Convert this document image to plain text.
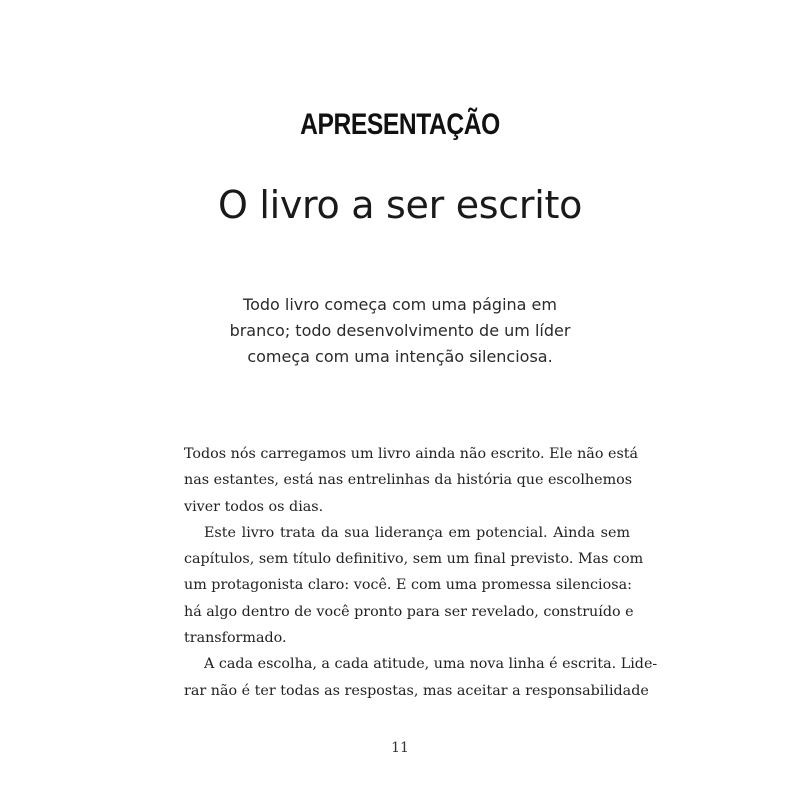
APRESENTAÇÃO
O livro a ser escrito
Todo livro começa com uma página em
branco; todo desenvolvimento de um líder
começa com uma intenção silenciosa.
Todos nós carregamos um livro ainda não escrito. Ele não está
nas estantes, está nas entrelinhas da história que escolhemos
viver todos os dias.
Este livro trata da sua liderança em potencial. Ainda sem
capítulos, sem título definitivo, sem um final previsto. Mas com
um protagonista claro: você. E com uma promessa silenciosa:
há algo dentro de você pronto para ser revelado, construído e
transformado.
A cada escolha, a cada atitude, uma nova linha é escrita. Lide-
rar não é ter todas as respostas, mas aceitar a responsabilidade
11
